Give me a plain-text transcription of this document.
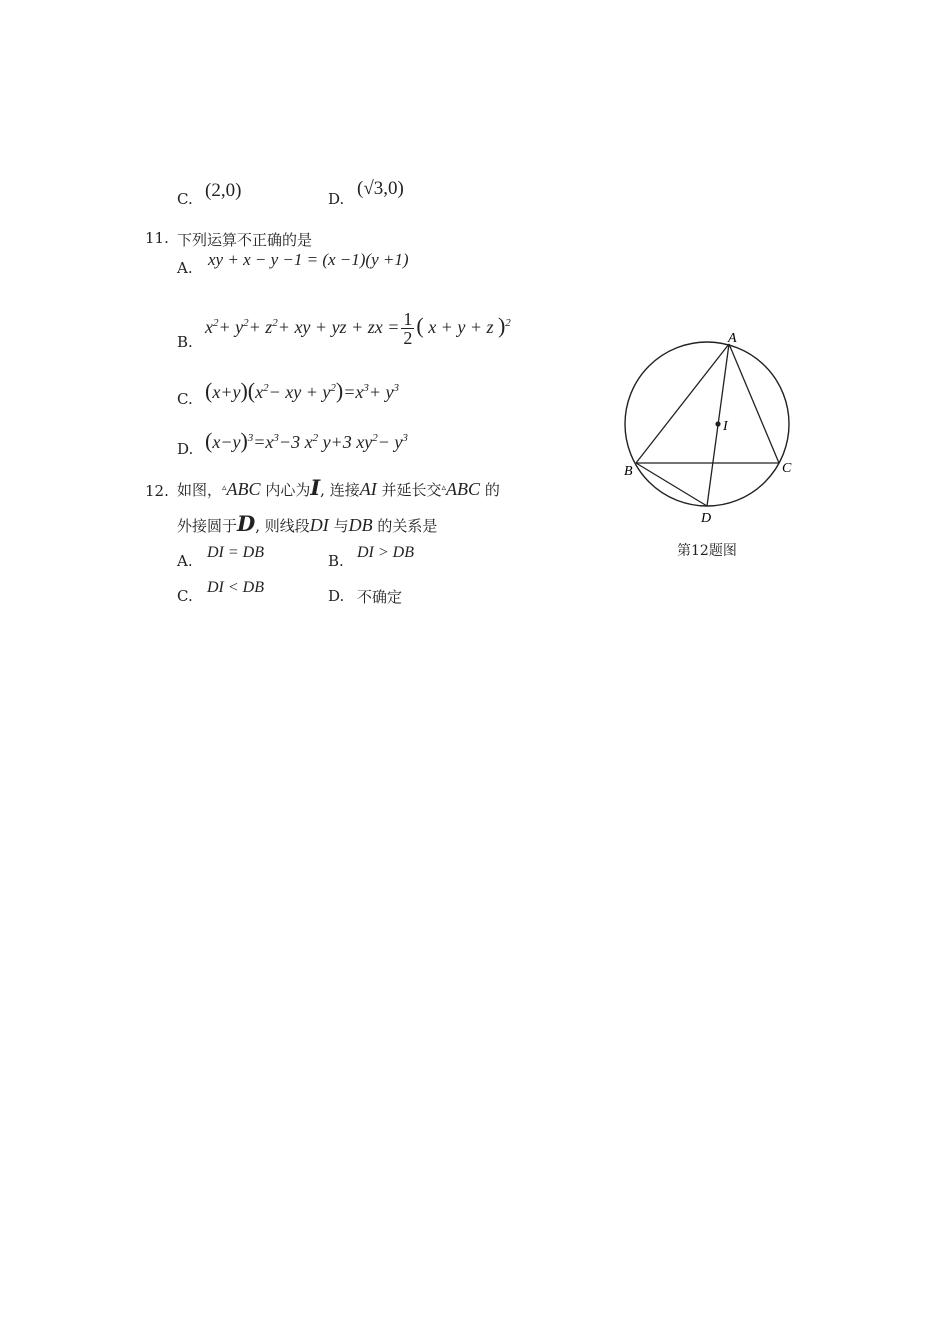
C. (2,0)	D. (√3,0)
11. 下列运算不正确的是
A. xy + x − y −1 = (x −1)(y +1)
B.
$x^2+ y^2+ z^2+$ xy + yz + zx = $\frac{1}{2}$ ( x + y + z )$^2$
C. $(x+y)(x^2-$ xy + $y^2)=x^3+ y^3$
D. $(x-y)^3=x^3-3$ $x^2$ y+3 $xy^2- y^3$
12. 如图，▵ABC 内心为I, 连接AI 并延长交▵ABC 的
外接圆于D, 则线段DI 与DB 的关系是
A. DI = DB	B. DI > DB
C. DI < DB	D. 不确定
A
B	C
D
I
第12题图
